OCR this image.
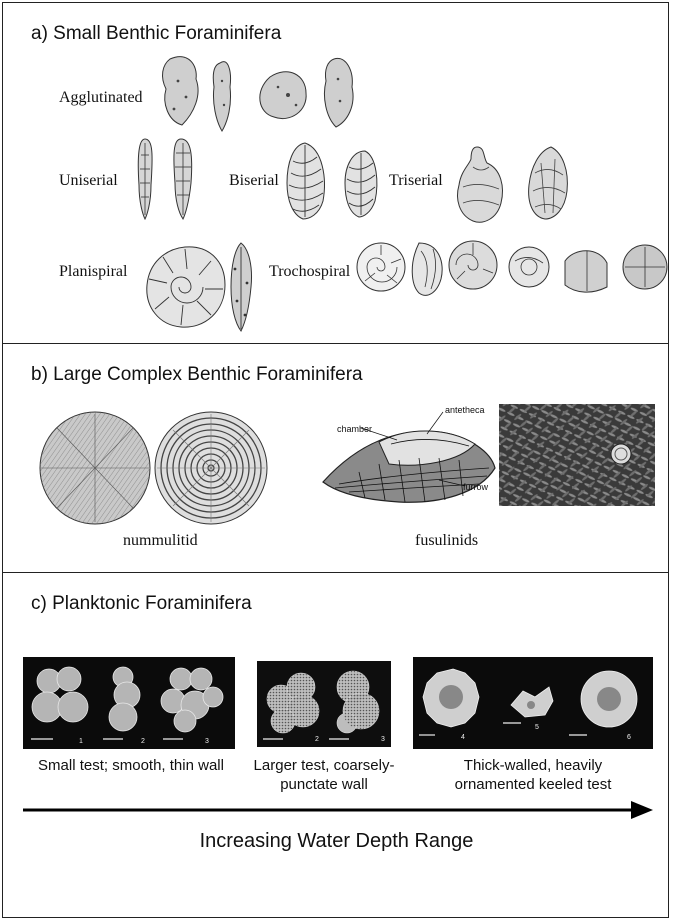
a) Small Benthic Foraminifera
Agglutinated
Uniserial	Biserial	Triserial
Planispiral	Trochospiral
b) Large Complex Benthic Foraminifera
nummulitid
chamber
antetheca
furrow
fusulinids
c) Planktonic Foraminifera
1	2	3
Small test; smooth, thin wall
2	3
Larger test, coarsely-
punctate wall
4
5
6
Thick-walled, heavily
ornamented keeled test
Increasing Water Depth Range
